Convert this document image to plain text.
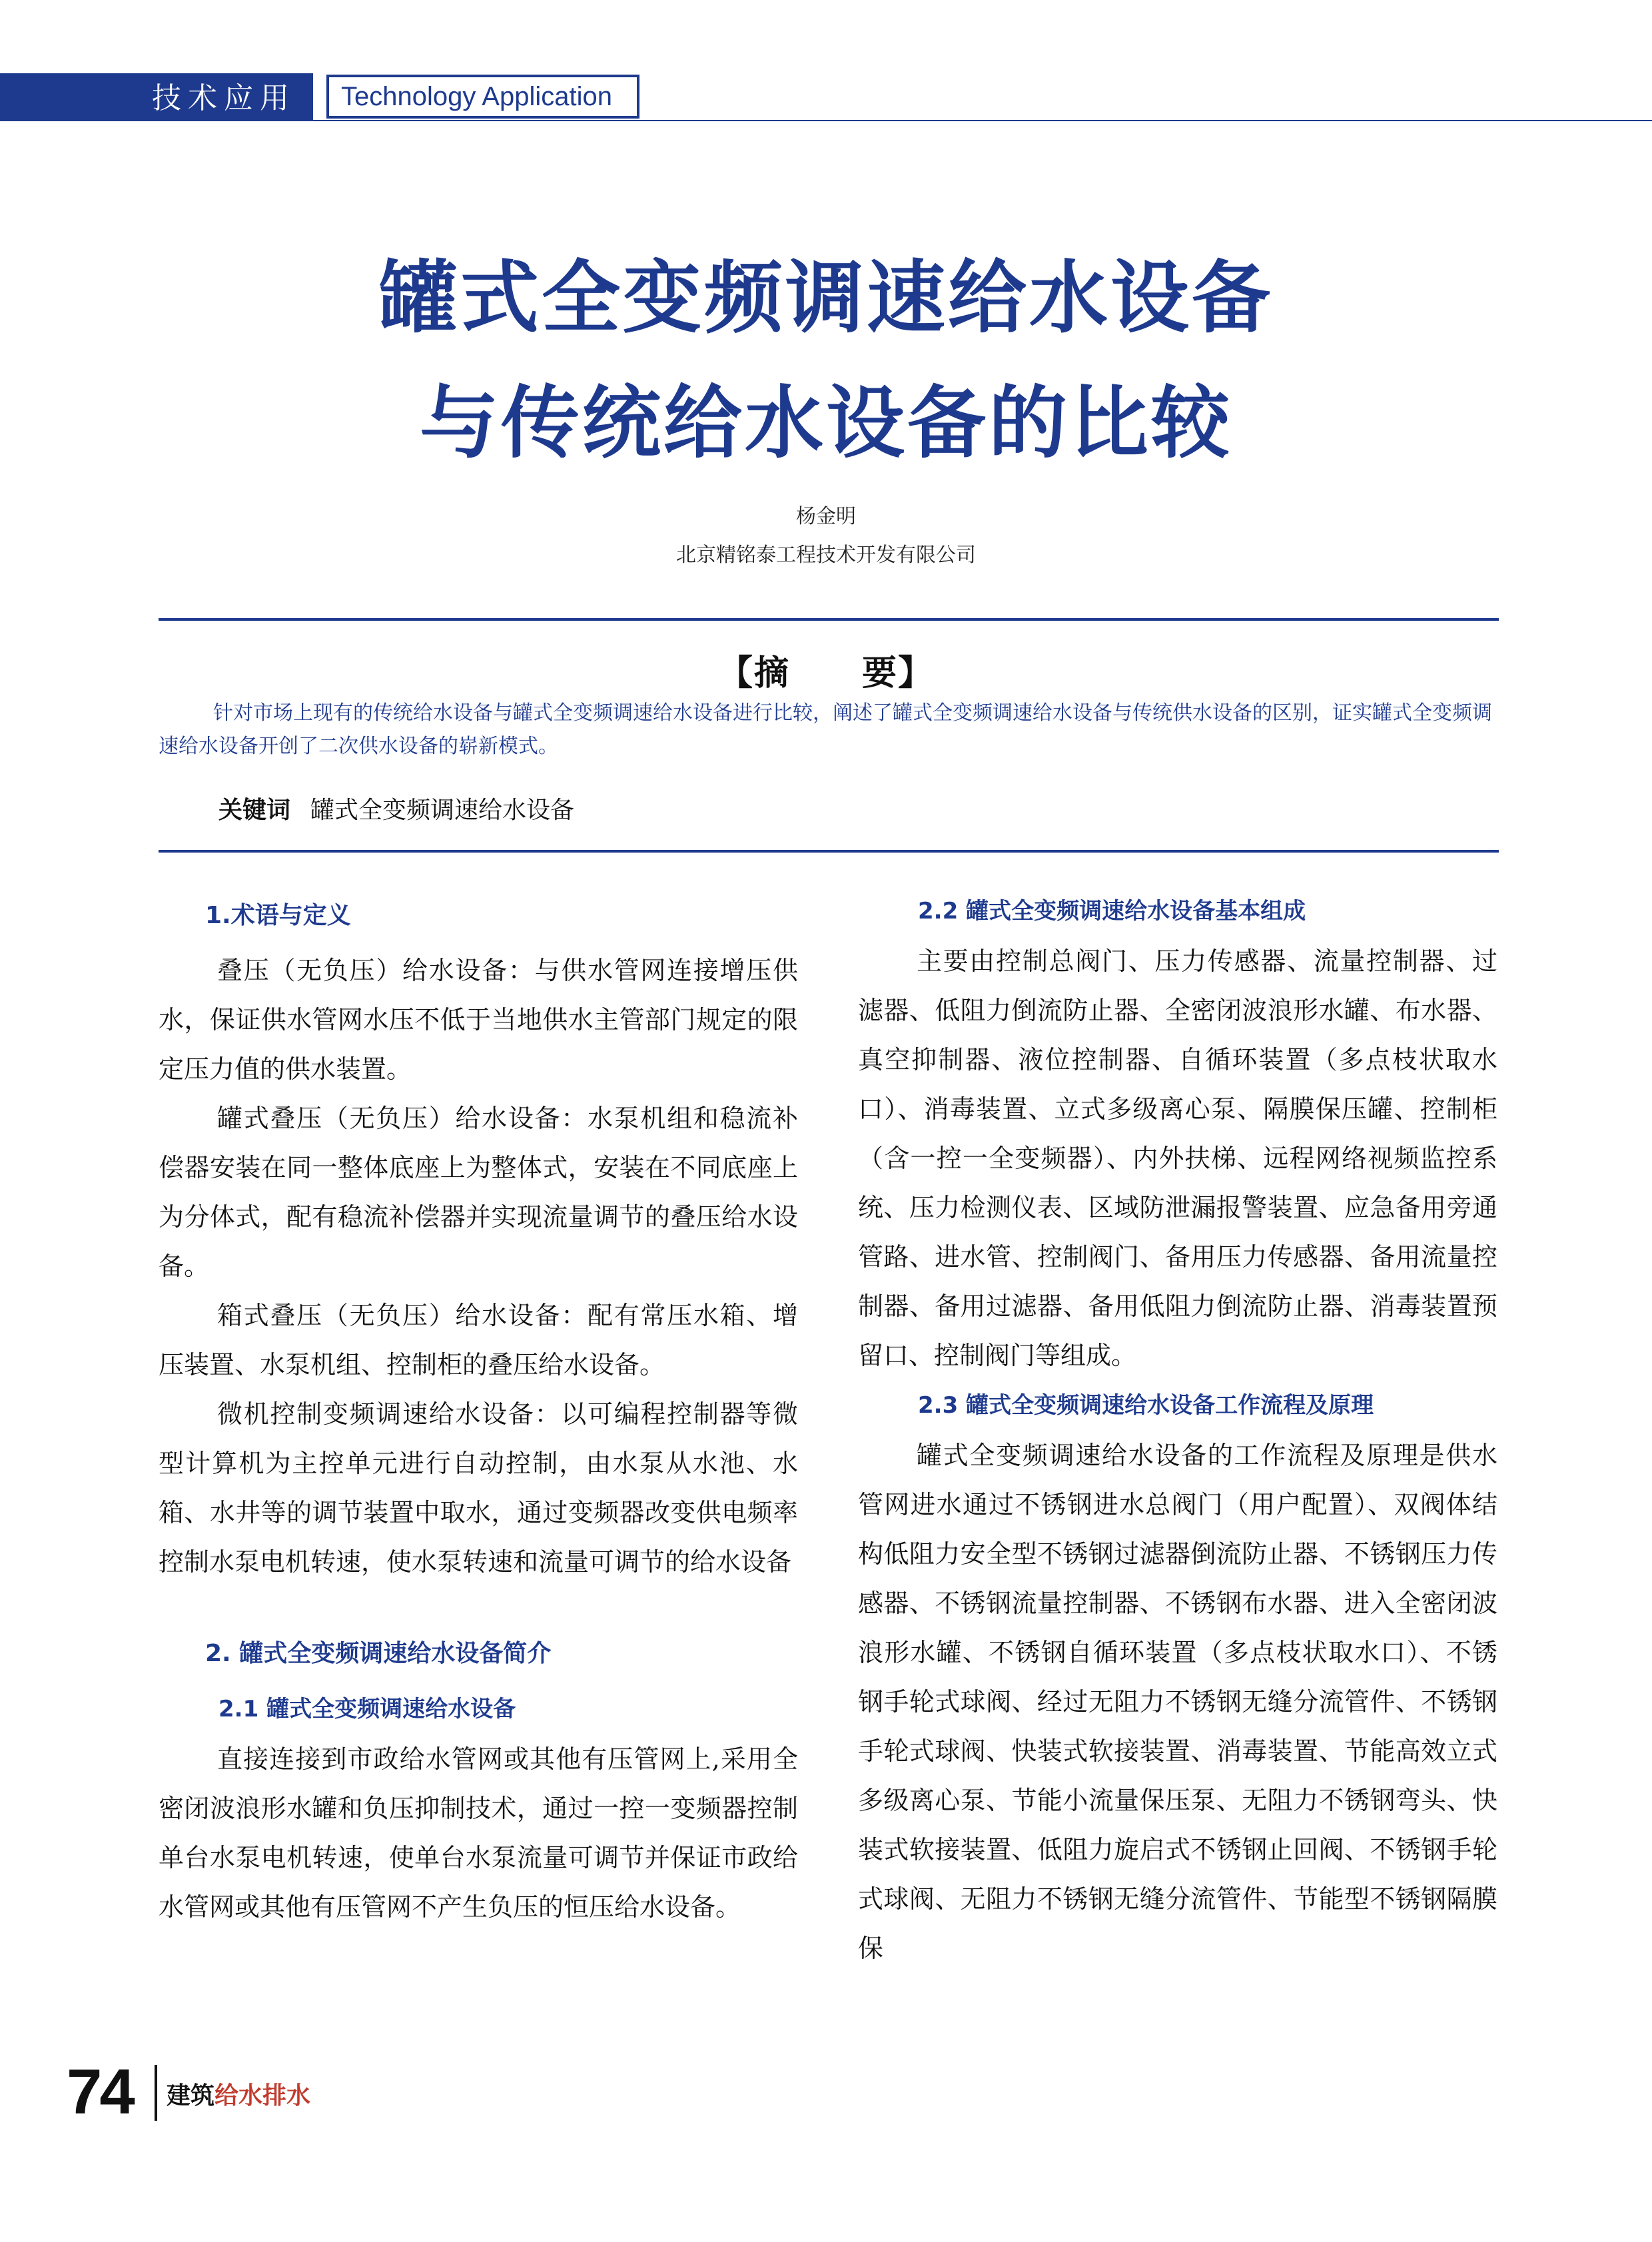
技术应用 Technology Application
罐式全变频调速给水设备
与传统给水设备的比较
杨金明
北京精铭泰工程技术开发有限公司
【摘　　要】
针对市场上现有的传统给水设备与罐式全变频调速给水设备进行比较，阐述了罐式全变频调速给水设备与传统供水设备的区别，证实罐式全变频调速给水设备开创了二次供水设备的崭新模式。
关键词 罐式全变频调速给水设备
1.术语与定义

叠压（无负压）给水设备：与供水管网连接增压供水，保证供水管网水压不低于当地供水主管部门规定的限定压力值的供水装置。

罐式叠压（无负压）给水设备：水泵机组和稳流补偿器安装在同一整体底座上为整体式，安装在不同底座上为分体式，配有稳流补偿器并实现流量调节的叠压给水设备。

箱式叠压（无负压）给水设备：配有常压水箱、增压装置、水泵机组、控制柜的叠压给水设备。

微机控制变频调速给水设备：以可编程控制器等微型计算机为主控单元进行自动控制，由水泵从水池、水箱、水井等的调节装置中取水，通过变频器改变供电频率控制水泵电机转速，使水泵转速和流量可调节的给水设备

2. 罐式全变频调速给水设备简介
2.1 罐式全变频调速给水设备

直接连接到市政给水管网或其他有压管网上,采用全密闭波浪形水罐和负压抑制技术，通过一控一变频器控制单台水泵电机转速，使单台水泵流量可调节并保证市政给水管网或其他有压管网不产生负压的恒压给水设备。

2.2 罐式全变频调速给水设备基本组成

主要由控制总阀门、压力传感器、流量控制器、过滤器、低阻力倒流防止器、全密闭波浪形水罐、布水器、真空抑制器、液位控制器、自循环装置（多点枝状取水口）、消毒装置、立式多级离心泵、隔膜保压罐、控制柜（含一控一全变频器）、内外扶梯、远程网络视频监控系统、压力检测仪表、区域防泄漏报警装置、应急备用旁通管路、进水管、控制阀门、备用压力传感器、备用流量控制器、备用过滤器、备用低阻力倒流防止器、消毒装置预留口、控制阀门等组成。

2.3 罐式全变频调速给水设备工作流程及原理

罐式全变频调速给水设备的工作流程及原理是供水管网进水通过不锈钢进水总阀门（用户配置）、双阀体结构低阻力安全型不锈钢过滤器倒流防止器、不锈钢压力传感器、不锈钢流量控制器、不锈钢布水器、进入全密闭波浪形水罐、不锈钢自循环装置（多点枝状取水口）、不锈钢手轮式球阀、经过无阻力不锈钢无缝分流管件、不锈钢手轮式球阀、快装式软接装置、消毒装置、节能高效立式多级离心泵、节能小流量保压泵、无阻力不锈钢弯头、快装式软接装置、低阻力旋启式不锈钢止回阀、不锈钢手轮式球阀、无阻力不锈钢无缝分流管件、节能型不锈钢隔膜保

74 建筑给水排水
